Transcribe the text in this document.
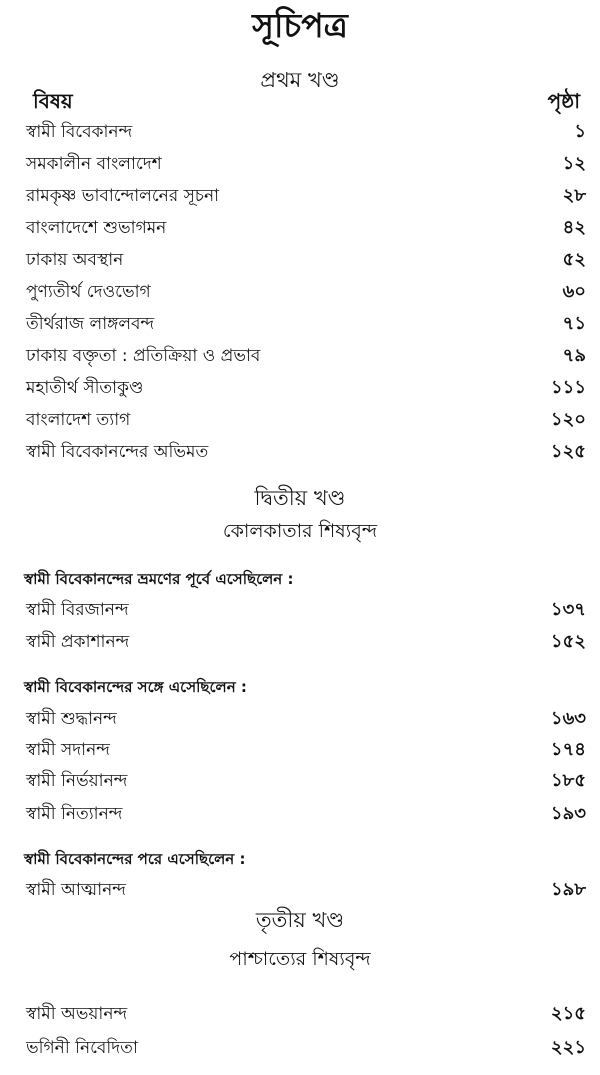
সূচিপত্র
প্রথম খণ্ড
বিষয়	পৃষ্ঠা
স্বামী বিবেকানন্দ	১
সমকালীন বাংলাদেশ	১২
রামকৃষ্ণ ভাবান্দোলনের সূচনা	২৮
বাংলাদেশে শুভাগমন	৪২
ঢাকায় অবস্থান	৫২
পুণ্যতীর্থ দেওভোগ	৬০
তীর্থরাজ লাঙ্গলবন্দ	৭১
ঢাকায় বক্তৃতা : প্রতিক্রিয়া ও প্রভাব	৭৯
মহাতীর্থ সীতাকুণ্ড	১১১
বাংলাদেশ ত্যাগ	১২০
স্বামী বিবেকানন্দের অভিমত	১২৫
দ্বিতীয় খণ্ড
কোলকাতার শিষ্যবৃন্দ
স্বামী বিবেকানন্দের ভ্রমণের পূর্বে এসেছিলেন :
স্বামী বিরজানন্দ	১৩৭
স্বামী প্রকাশানন্দ	১৫২
স্বামী বিবেকানন্দের সঙ্গে এসেছিলেন :
স্বামী শুদ্ধানন্দ	১৬৩
স্বামী সদানন্দ	১৭৪
স্বামী নির্ভয়ানন্দ	১৮৫
স্বামী নিত্যানন্দ	১৯৩
স্বামী বিবেকানন্দের পরে এসেছিলেন :
স্বামী আত্মানন্দ	১৯৮
তৃতীয় খণ্ড
পাশ্চাত্যের শিষ্যবৃন্দ
স্বামী অভয়ানন্দ	২১৫
ভগিনী নিবেদিতা	২২১
